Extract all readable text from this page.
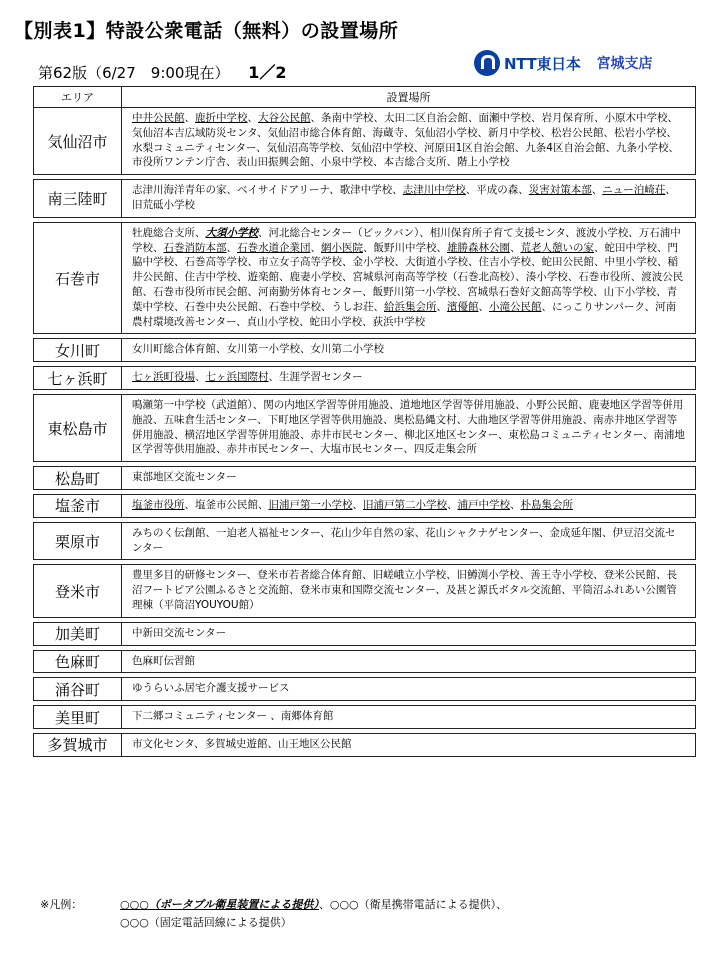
【別表1】特設公衆電話（無料）の設置場所
第62版（6/27　9:00現在） 1／2	NTT東日本 宮城支店
エリア	設置場所
気仙沼市	中井公民館、鹿折中学校、大谷公民館、条南中学校、太田二区自治会館、面瀬中学校、岩月保育所、小原木中学校、気仙沼本吉広域防災センタ、気仙沼市総合体育館、海蔵寺、気仙沼小学校、新月中学校、松岩公民館、松岩小学校、水梨コミュニティセンター、気仙沼高等学校、気仙沼中学校、河原田1区自治会館、九条4区自治会館、九条小学校、市役所ワンテン庁舎、表山田振興会館、小泉中学校、本吉総合支所、階上小学校

南三陸町	志津川海洋青年の家、ベイサイドアリーナ、歌津中学校、志津川中学校、平成の森、災害対策本部、ニュー泊崎荘、旧荒砥小学校

石巻市	牡鹿総合支所、大須小学校、河北総合センター（ビックバン）、相川保育所子育て支援センタ、渡波小学校、万石浦中学校、石巻消防本部、石巻水道企業団、網小医院、飯野川中学校、雄勝森林公園、荒老人憩いの家、蛇田中学校、門脇中学校、石巻高等学校、市立女子高等学校、金小学校、大街道小学校、住吉小学校、蛇田公民館、中里小学校、稲井公民館、住吉中学校、遊楽館、鹿妻小学校、宮城県河南高等学校（石巻北高校）、湊小学校、石巻市役所、渡波公民館、石巻市役所市民会館、河南勤労体育センター、飯野川第一小学校、宮城県石巻好文館高等学校、山下小学校、青葉中学校、石巻中央公民館、石巻中学校、うしお荘、給浜集会所、濱優館、小滝公民館、にっこりサンパーク、河南農村環境改善センター、貞山小学校、蛇田小学校、荻浜中学校

女川町	女川町総合体育館、女川第一小学校、女川第二小学校

七ヶ浜町	七ヶ浜町役場、七ヶ浜国際村、生涯学習センター

東松島市	鳴瀬第一中学校（武道館）、関の内地区学習等併用施設、道地地区学習等併用施設、小野公民館、鹿妻地区学習等併用施設、五味倉生活センター、下町地区学習等供用施設、奥松島縄文村、大曲地区学習等併用施設、南赤井地区学習等併用施設、横沼地区学習等併用施設、赤井市民センター、柳北区地区センター、東松島コミュニティセンター、南浦地区学習等供用施設、赤井市民センター、大塩市民センター、四反走集会所

松島町	東部地区交流センター

塩釜市	塩釜市役所、塩釜市公民館、旧浦戸第一小学校、旧浦戸第二小学校、浦戸中学校、朴島集会所

栗原市	みちのく伝創館、一迫老人福祉センター、花山少年自然の家、花山シャクナゲセンター、金成延年閣、伊豆沼交流センター

登米市	豊里多目的研修センター、登米市若者総合体育館、旧嵯峨立小学校、旧鱒渕小学校、善王寺小学校、登米公民館、長沼フートピア公園ふるさと交流館、登米市東和国際交流センター、及甚と源氏ボタル交流館、平筒沼ふれあい公園管理棟（平筒沼YOUYOU館）

加美町	中新田交流センター

色麻町	色麻町伝習館

涌谷町	ゆうらいふ居宅介護支援サービス

美里町	下二郷コミュニティセンター 、南郷体育館

多賀城市	市文化センタ、多賀城史遊館、山王地区公民館
※凡例：	○○○（ポータブル衛星装置による提供）、○○○（衛星携帯電話による提供）、
○○○（固定電話回線による提供）
